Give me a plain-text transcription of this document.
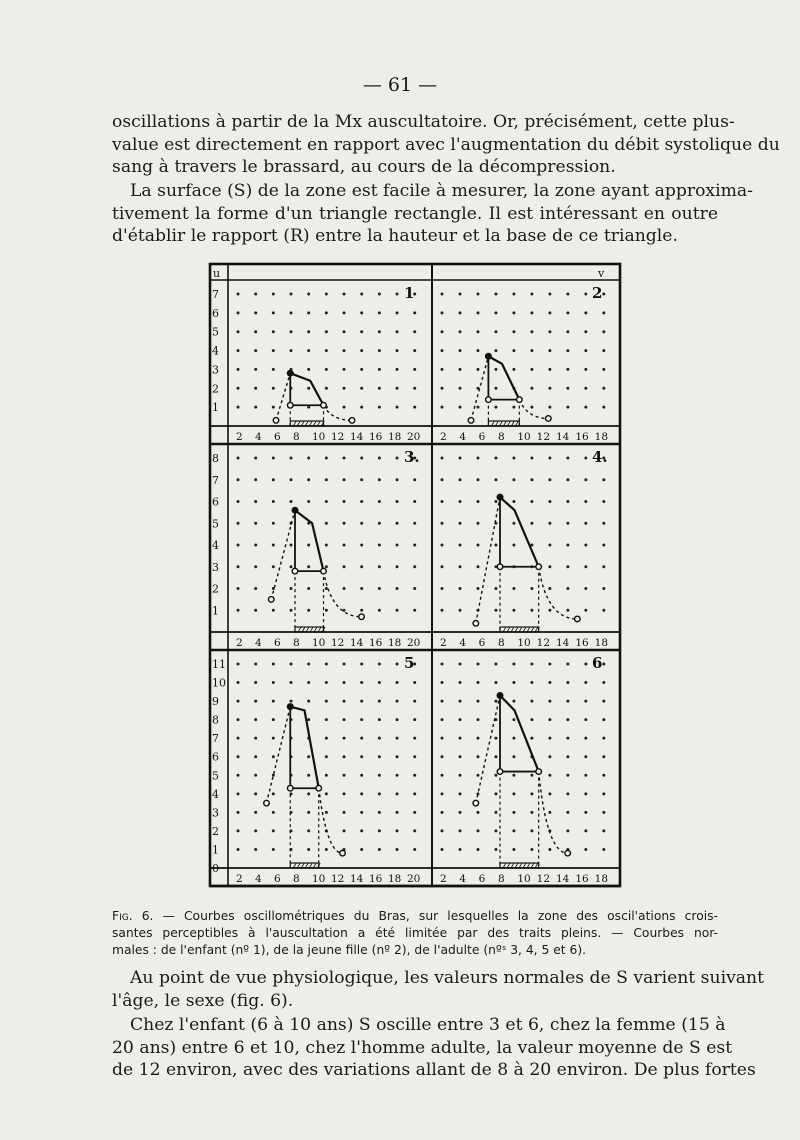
— 61 —
oscillations à partir de la Mx auscultatoire. Or, précisément, cette plus-
value est directement en rapport avec l'augmentation du débit systolique du
sang à travers le brassard, au cours de la décompression.
La surface (S) de la zone est facile à mesurer, la zone ayant approxima-
tivement la forme d'un triangle rectangle. Il est intéressant en outre
d'établir le rapport (R) entre la hauteur et la base de ce triangle.
u	v
2 4 6 8 10 12 14 16 18 20
7
6
5
4
3
2
1
1
2 4 6 8 10 12 14 16 18
2
2 4 6 8 10 12 14 16 18 20
8
7
6
5
4
3
2
1
3.
2 4 6 8 10 12 14 16 18
4.
2 4 6 8 10 12 14 16 18 20
11
10
9
8
7
6
5
4
3
2
1
0
5
2 4 6 8 10 12 14 16 18
6
Fig. 6. — Courbes oscillométriques du Bras, sur lesquelles la zone des oscil'ations crois-
santes perceptibles à l'auscultation a été limitée par des traits pleins. — Courbes nor-
males : de l'enfant (nº 1), de la jeune fille (nº 2), de l'adulte (nºˢ 3, 4, 5 et 6).
Au point de vue physiologique, les valeurs normales de S varient suivant
l'âge, le sexe (fig. 6).
Chez l'enfant (6 à 10 ans) S oscille entre 3 et 6, chez la femme (15 à
20 ans) entre 6 et 10, chez l'homme adulte, la valeur moyenne de S est
de 12 environ, avec des variations allant de 8 à 20 environ. De plus fortes
